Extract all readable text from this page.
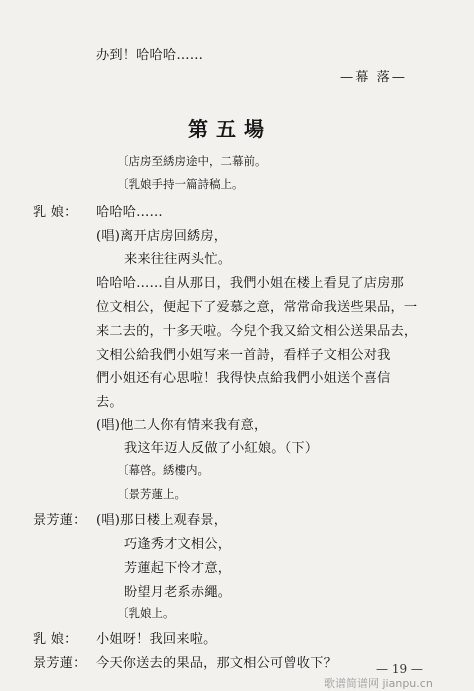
办到！哈哈哈……
—幕 落—
第五場
〔店房至綉房途中，二幕前。
〔乳娘手持一篇詩稿上。
乳 娘： 哈哈哈……
(唱)离开店房回綉房，
来来往往两头忙。
哈哈哈……自从那日，我們小姐在楼上看見了店房那
位文相公，便起下了爱慕之意，常常命我送些果品，一
来二去的，十多天啦。今兒个我又給文相公送果品去，
文相公給我們小姐写来一首詩，看样子文相公对我
們小姐还有心思啦！我得快点給我們小姐送个喜信
去。
(唱)他二人你有情来我有意，
我这年迈人反做了小紅娘。（下）
〔幕啓。綉樓内。
〔景芳蓮上。
景芳蓮： (唱)那日楼上观春景，
巧逢秀才文相公，
芳蓮起下怜才意，
盼望月老系赤繩。
〔乳娘上。
乳 娘： 小姐呀！我回来啦。
景芳蓮： 今天你送去的果品，那文相公可曾收下？	— 19 —
歌谱简谱网 jianpu.cn
